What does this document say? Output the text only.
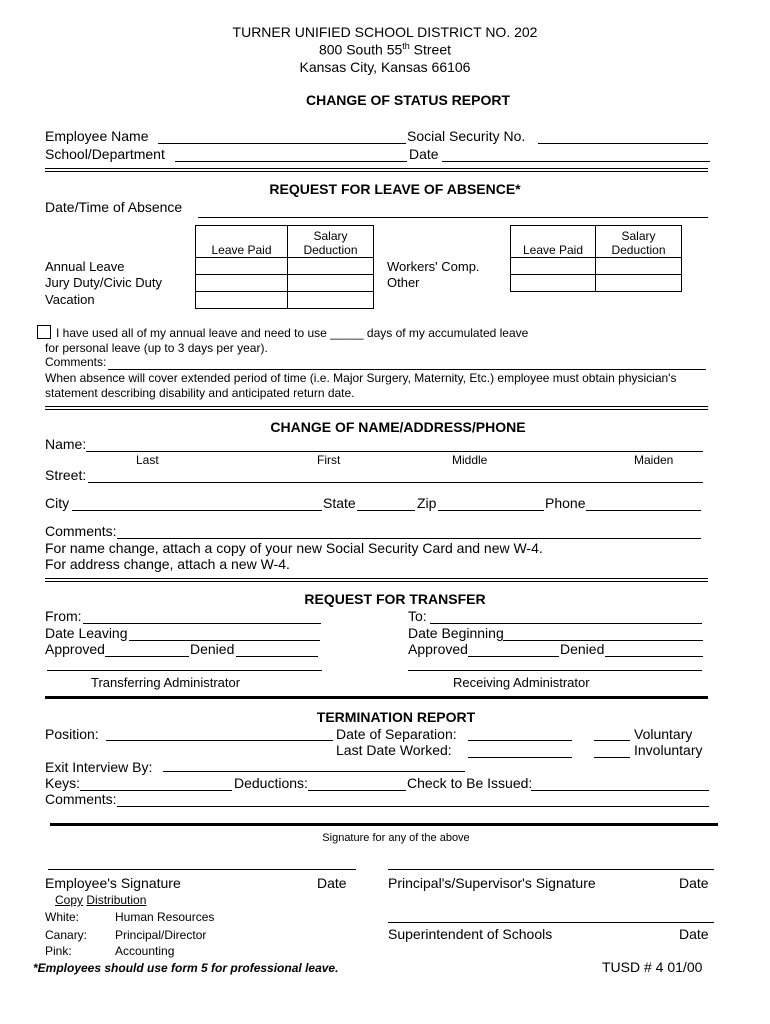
TURNER UNIFIED SCHOOL DISTRICT NO. 202
800 South 55th Street
Kansas City, Kansas 66106
CHANGE OF STATUS REPORT
Employee Name	Social Security No.
School/Department	Date
REQUEST FOR LEAVE OF ABSENCE*
Date/Time of Absence
Leave Paid	Salary
Deduction

Annual Leave
Jury Duty/Civic Duty
Vacation
Workers' Comp.
Other
Leave Paid	Salary
Deduction

I have used all of my annual leave and need to use _____ days of my accumulated leave
for personal leave (up to 3 days per year).
Comments:
When absence will cover extended period of time (i.e. Major Surgery, Maternity, Etc.) employee must obtain physician's
statement describing disability and anticipated return date.
CHANGE OF NAME/ADDRESS/PHONE
Name:
Last	First	Middle	Maiden
Street:
City	State	Zip	Phone
Comments:
For name change, attach a copy of your new Social Security Card and new W-4.
For address change, attach a new W-4.
REQUEST FOR TRANSFER
From:
Date Leaving
Approved	Denied
To:
Date Beginning
Approved	Denied
Transferring Administrator	Receiving Administrator
TERMINATION REPORT
Position:	Date of Separation:
Last Date Worked:
Voluntary
Involuntary
Exit Interview By:
Keys:	Deductions:	Check to Be Issued:
Comments:
Signature for any of the above
Employee's Signature	Date	Principal's/Supervisor's Signature	Date
Copy Distribution
White:	Human Resources
Canary: Principal/Director
Pink:	Accounting
Superintendent of Schools	Date
*Employees should use form 5 for professional leave.	TUSD # 4 01/00
